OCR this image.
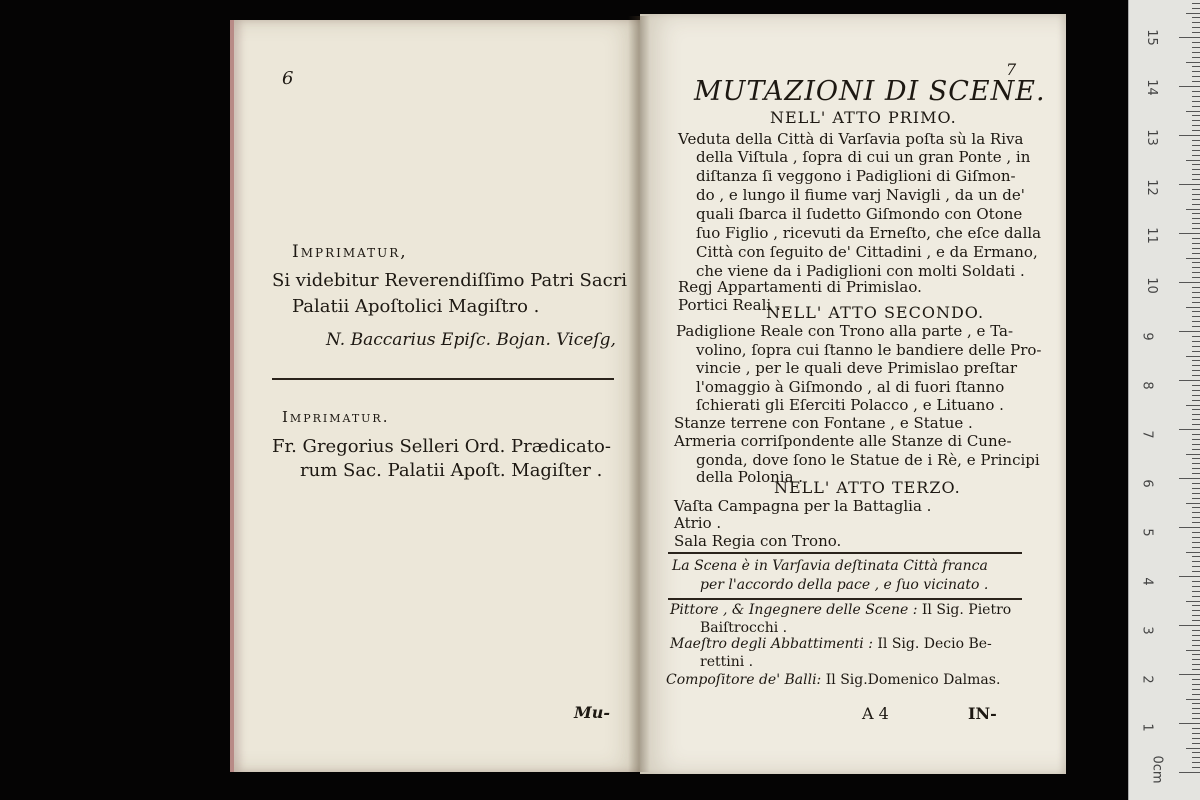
6
Imprimatur,
Si videbitur Reverendiſſimo Patri Sacri
Palatii Apoſtolici Magiſtro .
N. Baccarius Epiſc. Bojan. Viceſg,
Imprimatur.
Fr. Gregorius Selleri Ord. Prædicato-
rum Sac. Palatii Apoſt. Magiſter .
Mu-
7
MUTAZIONI DI SCENE.
NELL' ATTO PRIMO.
Veduta della Città di Varſavia poſta sù la Riva
della Viſtula , ſopra di cui un gran Ponte , in
diſtanza ſi veggono i Padiglioni di Giſmon-
do , e lungo il fiume varj Navigli , da un de'
quali ſbarca il ſudetto Giſmondo con Otone
ſuo Figlio , ricevuti da Erneſto, che eſce dalla
Città con ſeguito de' Cittadini , e da Ermano,
che viene da i Padiglioni con molti Soldati .
Regj Appartamenti di Primislao.
Portici Reali .
NELL' ATTO SECONDO.
Padiglione Reale con Trono alla parte , e Ta-
volino, ſopra cui ſtanno le bandiere delle Pro-
vincie , per le quali deve Primislao preſtar
l'omaggio à Giſmondo , al di fuori ſtanno
ſchierati gli Eſerciti Polacco , e Lituano .
Stanze terrene con Fontane , e Statue .
Armeria corriſpondente alle Stanze di Cune-
gonda, dove ſono le Statue de i Rè, e Principi
della Polonia .
NELL' ATTO TERZO.
Vaſta Campagna per la Battaglia .
Atrio .
Sala Regia con Trono.
La Scena è in Varſavia deſtinata Città franca
per l'accordo della pace , e ſuo vicinato .
Pittore , & Ingegnere delle Scene : Il Sig. Pietro
Baiſtrocchi .
Maeſtro degli Abbattimenti : Il Sig. Decio Be-
rettini .
Compoſitore de' Balli: Il Sig.Domenico Dalmas.
A 4	IN-
0cm
1
2
3
4
5
6
7
8
9
10
11
12
13
14
15
